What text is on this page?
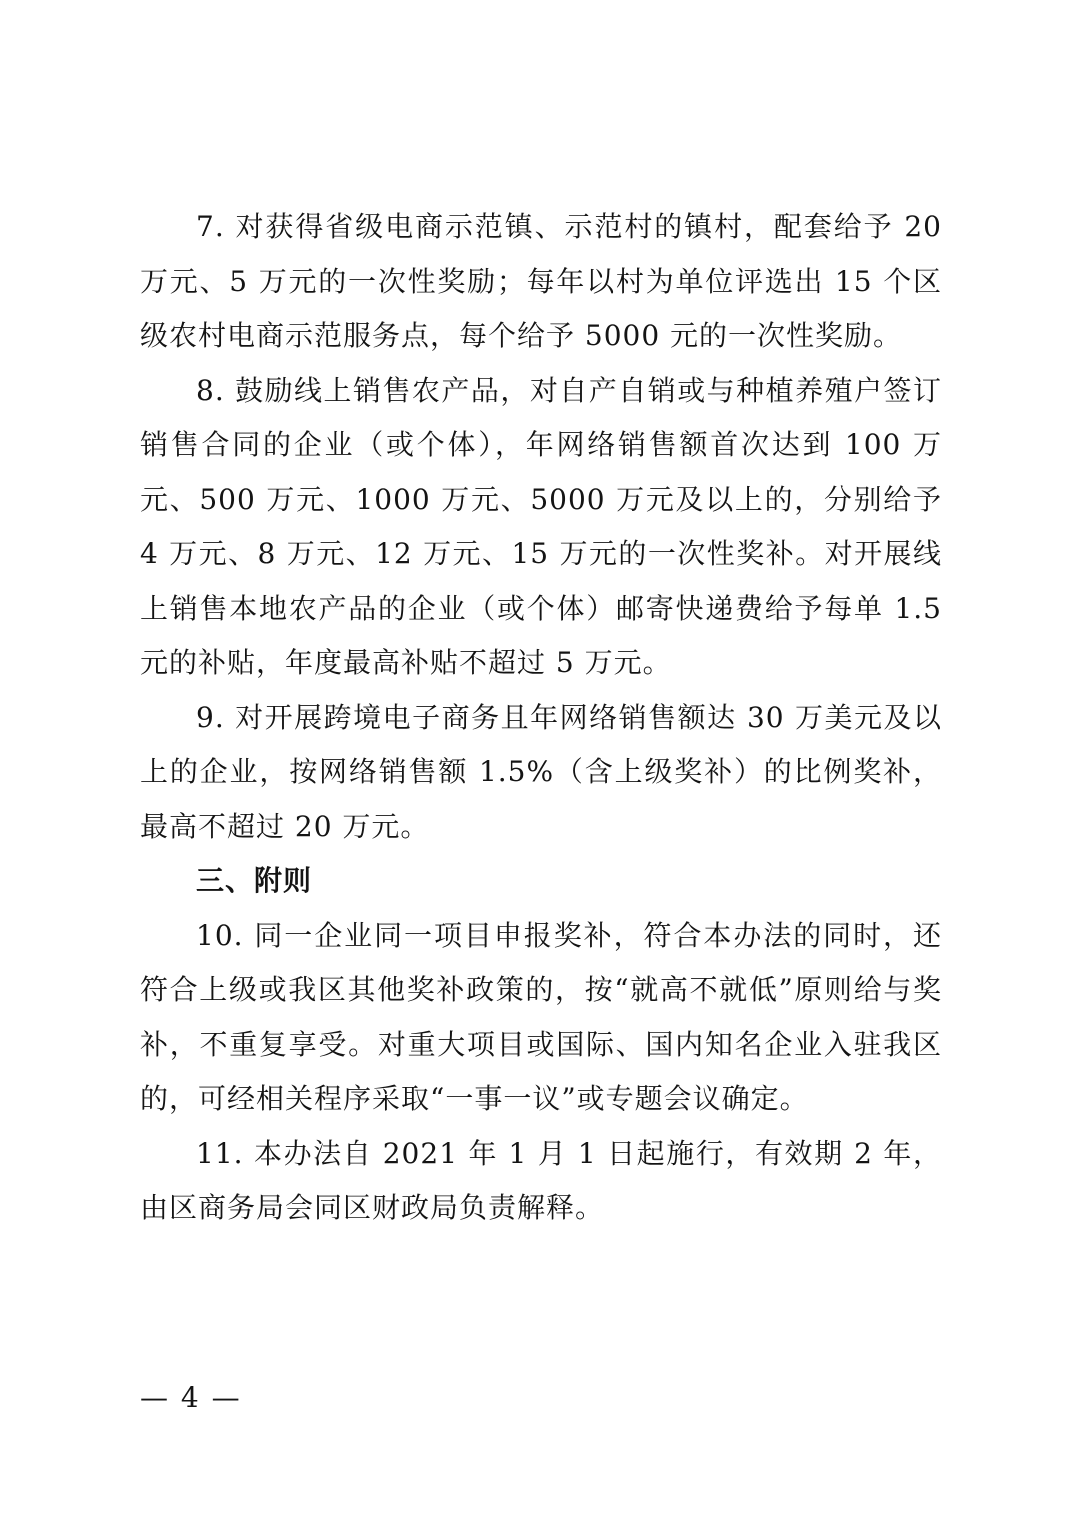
7. 对获得省级电商示范镇、示范村的镇村，配套给予 20 万元、5 万元的一次性奖励；每年以村为单位评选出 15 个区级农村电商示范服务点，每个给予 5000 元的一次性奖励。

8. 鼓励线上销售农产品，对自产自销或与种植养殖户签订销售合同的企业（或个体），年网络销售额首次达到 100 万元、500 万元、1000 万元、5000 万元及以上的，分别给予 4 万元、8 万元、12 万元、15 万元的一次性奖补。对开展线上销售本地农产品的企业（或个体）邮寄快递费给予每单 1.5 元的补贴，年度最高补贴不超过 5 万元。

9. 对开展跨境电子商务且年网络销售额达 30 万美元及以上的企业，按网络销售额 1.5%（含上级奖补）的比例奖补，最高不超过 20 万元。

三、附则

10. 同一企业同一项目申报奖补，符合本办法的同时，还符合上级或我区其他奖补政策的，按“就高不就低”原则给与奖补，不重复享受。对重大项目或国际、国内知名企业入驻我区的，可经相关程序采取“一事一议”或专题会议确定。

11. 本办法自 2021 年 1 月 1 日起施行，有效期 2 年，由区商务局会同区财政局负责解释。

— 4 —
